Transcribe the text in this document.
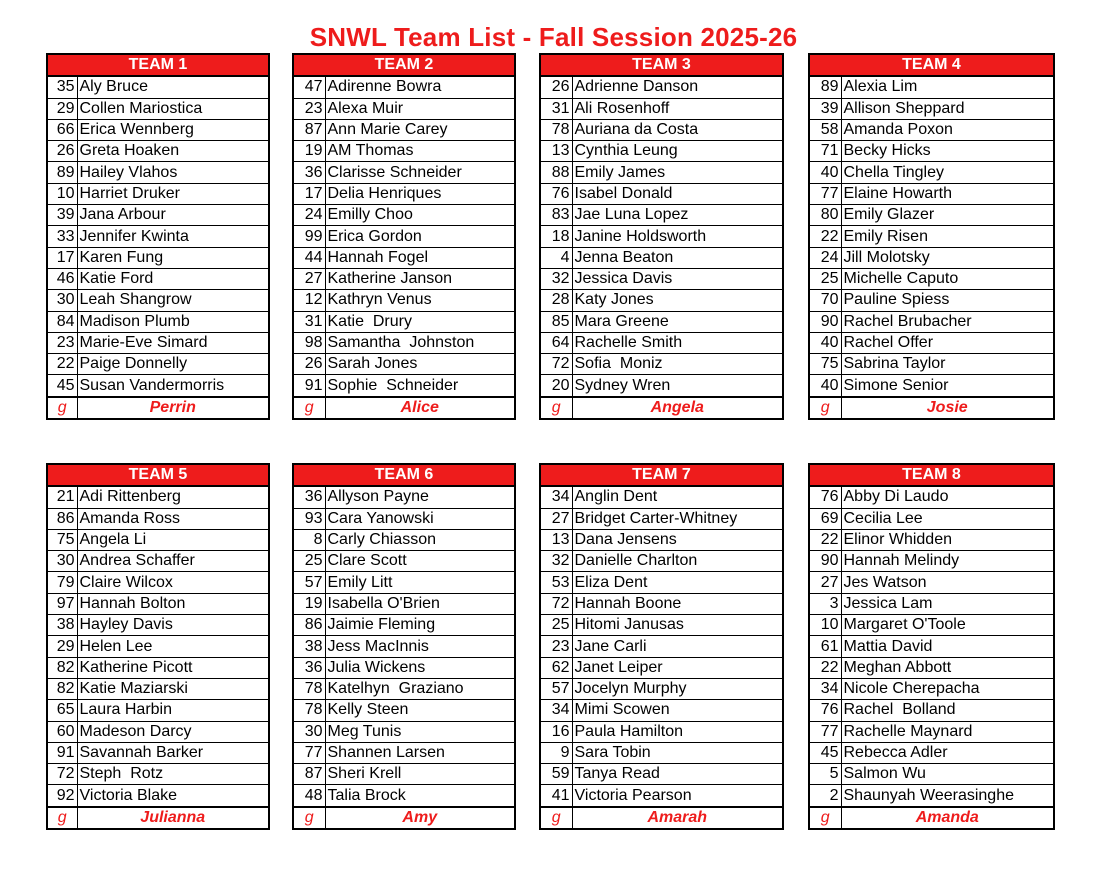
SNWL Team List - Fall Session 2025-26
TEAM 1	
35	Aly Bruce
29	Collen Mariostica
66	Erica Wennberg
26	Greta Hoaken
89	Hailey Vlahos
10	Harriet Druker
39	Jana Arbour
33	Jennifer Kwinta
17	Karen Fung
46	Katie Ford
30	Leah Shangrow
84	Madison Plumb
23	Marie-Eve Simard
22	Paige Donnelly
45	Susan Vandermorris
g	Perrin
TEAM 2	
47	Adirenne Bowra
23	Alexa Muir
87	Ann Marie Carey
19	AM Thomas
36	Clarisse Schneider
17	Delia Henriques
24	Emilly Choo
99	Erica Gordon
44	Hannah Fogel
27	Katherine Janson
12	Kathryn Venus
31	Katie  Drury
98	Samantha  Johnston
26	Sarah Jones
91	Sophie  Schneider
g	Alice
TEAM 3	
26	Adrienne Danson
31	Ali Rosenhoff
78	Auriana da Costa
13	Cynthia Leung
88	Emily James
76	Isabel Donald
83	Jae Luna Lopez
18	Janine Holdsworth
4	Jenna Beaton
32	Jessica Davis
28	Katy Jones
85	Mara Greene
64	Rachelle Smith
72	Sofia  Moniz
20	Sydney Wren
g	Angela
TEAM 4	
89	Alexia Lim
39	Allison Sheppard
58	Amanda Poxon
71	Becky Hicks
40	Chella Tingley
77	Elaine Howarth
80	Emily Glazer
22	Emily Risen
24	Jill Molotsky
25	Michelle Caputo
70	Pauline Spiess
90	Rachel Brubacher
40	Rachel Offer
75	Sabrina Taylor
40	Simone Senior
g	Josie
TEAM 5	
21	Adi Rittenberg
86	Amanda Ross
75	Angela Li
30	Andrea Schaffer
79	Claire Wilcox
97	Hannah Bolton
38	Hayley Davis
29	Helen Lee
82	Katherine Picott
82	Katie Maziarski
65	Laura Harbin
60	Madeson Darcy
91	Savannah Barker
72	Steph  Rotz
92	Victoria Blake
g	Julianna
TEAM 6	
36	Allyson Payne
93	Cara Yanowski
8	Carly Chiasson
25	Clare Scott
57	Emily Litt
19	Isabella O'Brien
86	Jaimie Fleming
38	Jess MacInnis
36	Julia Wickens
78	Katelhyn  Graziano
78	Kelly Steen
30	Meg Tunis
77	Shannen Larsen
87	Sheri Krell
48	Talia Brock
g	Amy
TEAM 7	
34	Anglin Dent
27	Bridget Carter-Whitney
13	Dana Jensens
32	Danielle Charlton
53	Eliza Dent
72	Hannah Boone
25	Hitomi Janusas
23	Jane Carli
62	Janet Leiper
57	Jocelyn Murphy
34	Mimi Scowen
16	Paula Hamilton
9	Sara Tobin
59	Tanya Read
41	Victoria Pearson
g	Amarah
TEAM 8	
76	Abby Di Laudo
69	Cecilia Lee
22	Elinor Whidden
90	Hannah Melindy
27	Jes Watson
3	Jessica Lam
10	Margaret O'Toole
61	Mattia David
22	Meghan Abbott
34	Nicole Cherepacha
76	Rachel  Bolland
77	Rachelle Maynard
45	Rebecca Adler
5	Salmon Wu
2	Shaunyah Weerasinghe
g	Amanda
